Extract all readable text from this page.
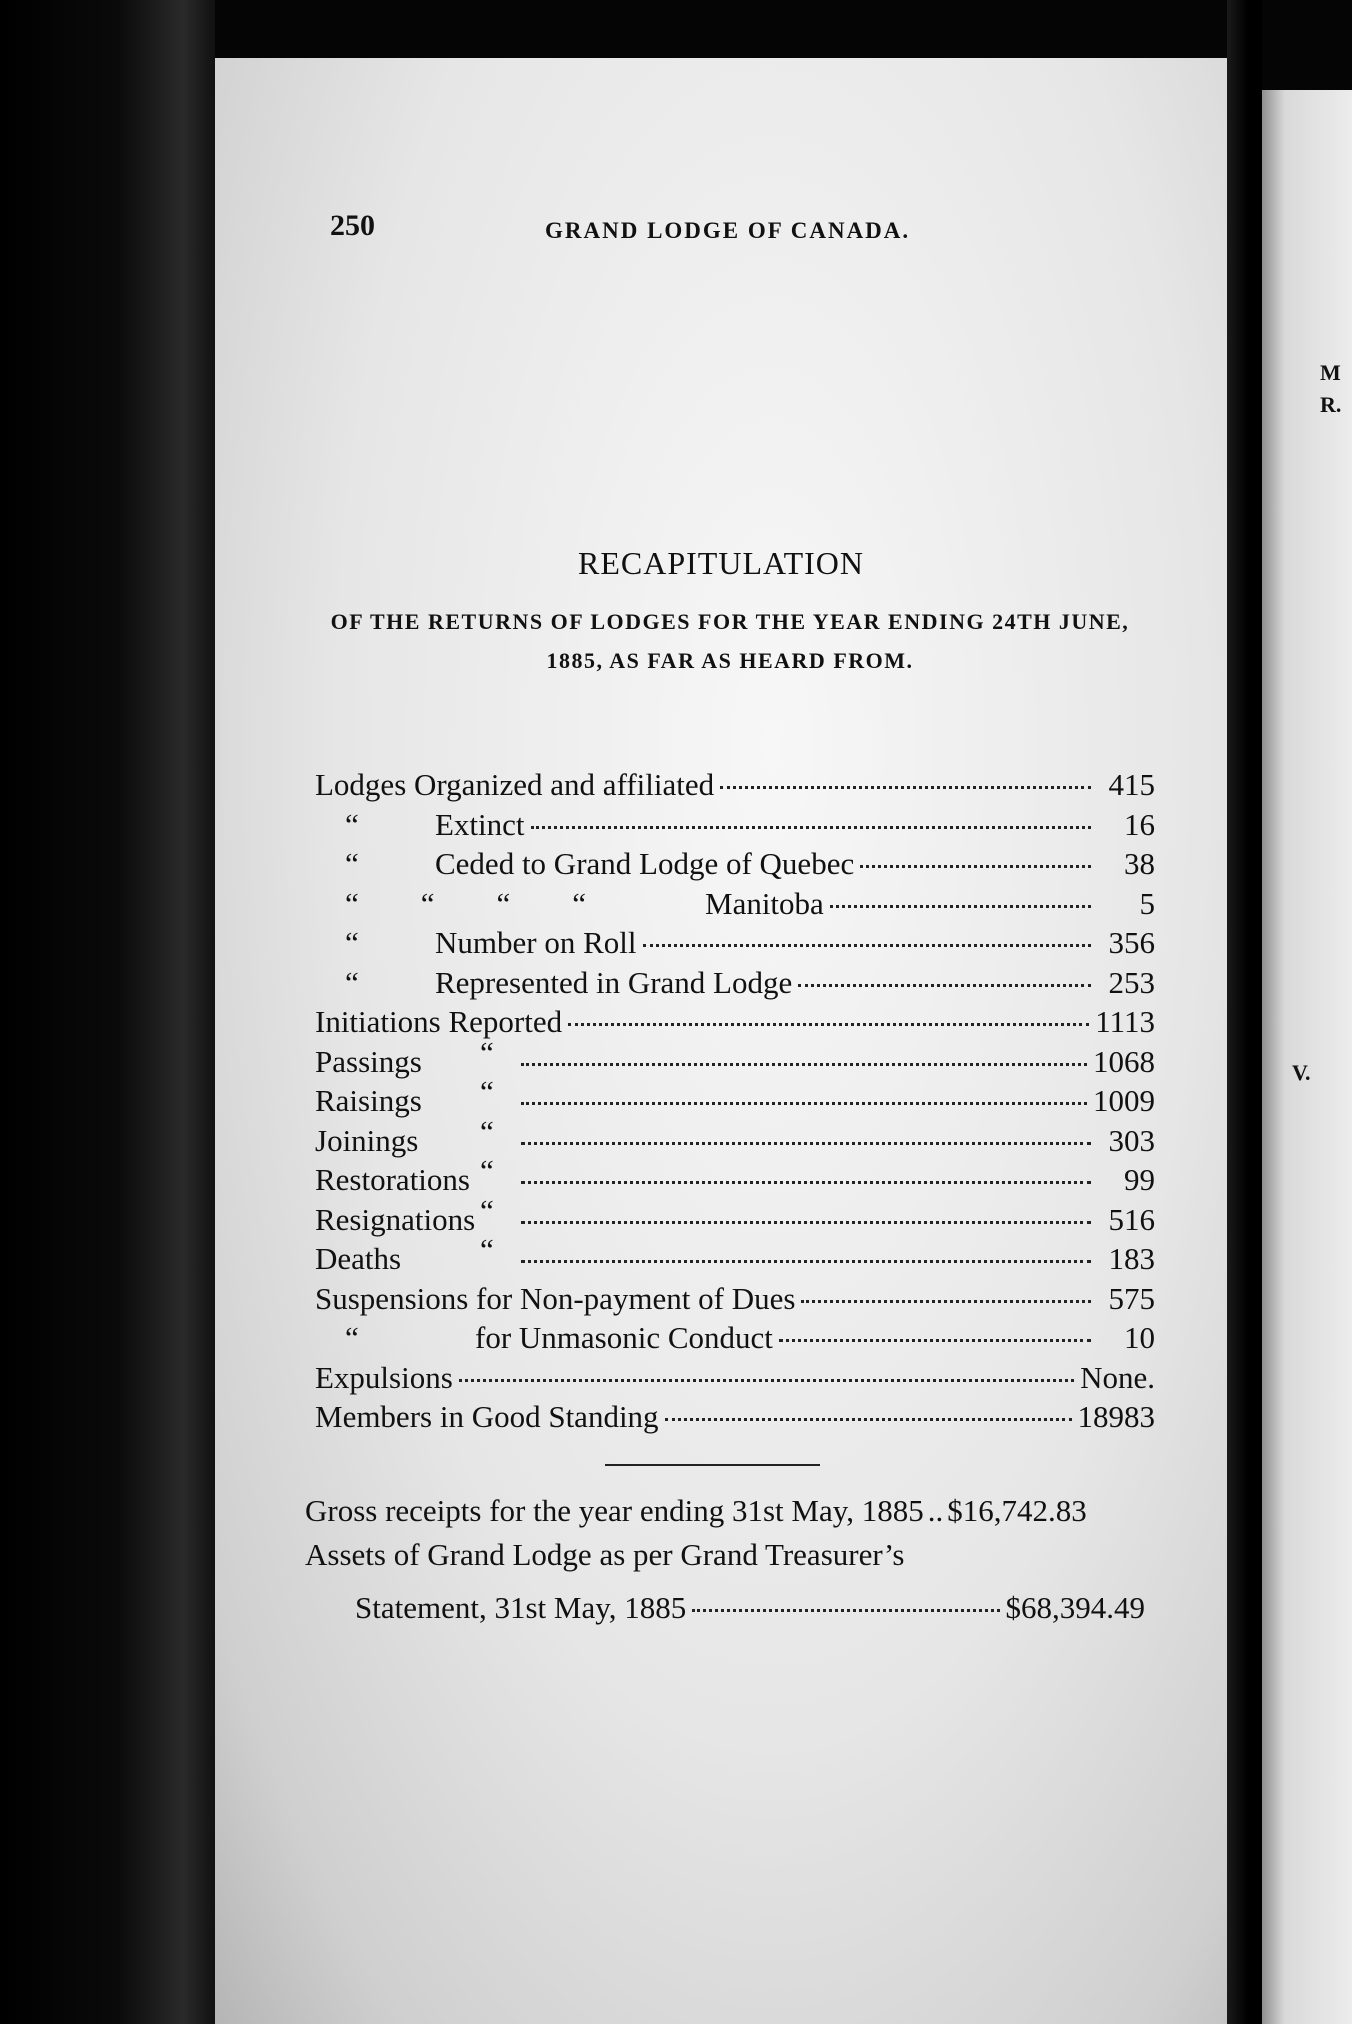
250	GRAND LODGE OF CANADA.
RECAPITULATION
OF THE RETURNS OF LODGES FOR THE YEAR ENDING 24TH JUNE, 1885, AS FAR AS HEARD FROM.
Lodges Organized and affiliated	415
“	Extinct	16
“	Ceded to Grand Lodge of Quebec	38
“        “        “        “	Manitoba	5
“	Number on Roll	356
“	Represented in Grand Lodge	253
Initiations Reported	1113
Passings	“	1068
Raisings	“	1009
Joinings	“	303
Restorations “	99
Resignations “	516
Deaths	“	183
Suspensions for Non-payment of Dues	575
“	for Unmasonic Conduct	10
Expulsions	None.
Members in Good Standing	18983
Gross receipts for the year ending 31st May, 1885 .. $16,742.83
Assets of Grand Lodge as per Grand Treasurer’s
Statement, 31st May, 1885	$68,394.49
M
R.
V.
